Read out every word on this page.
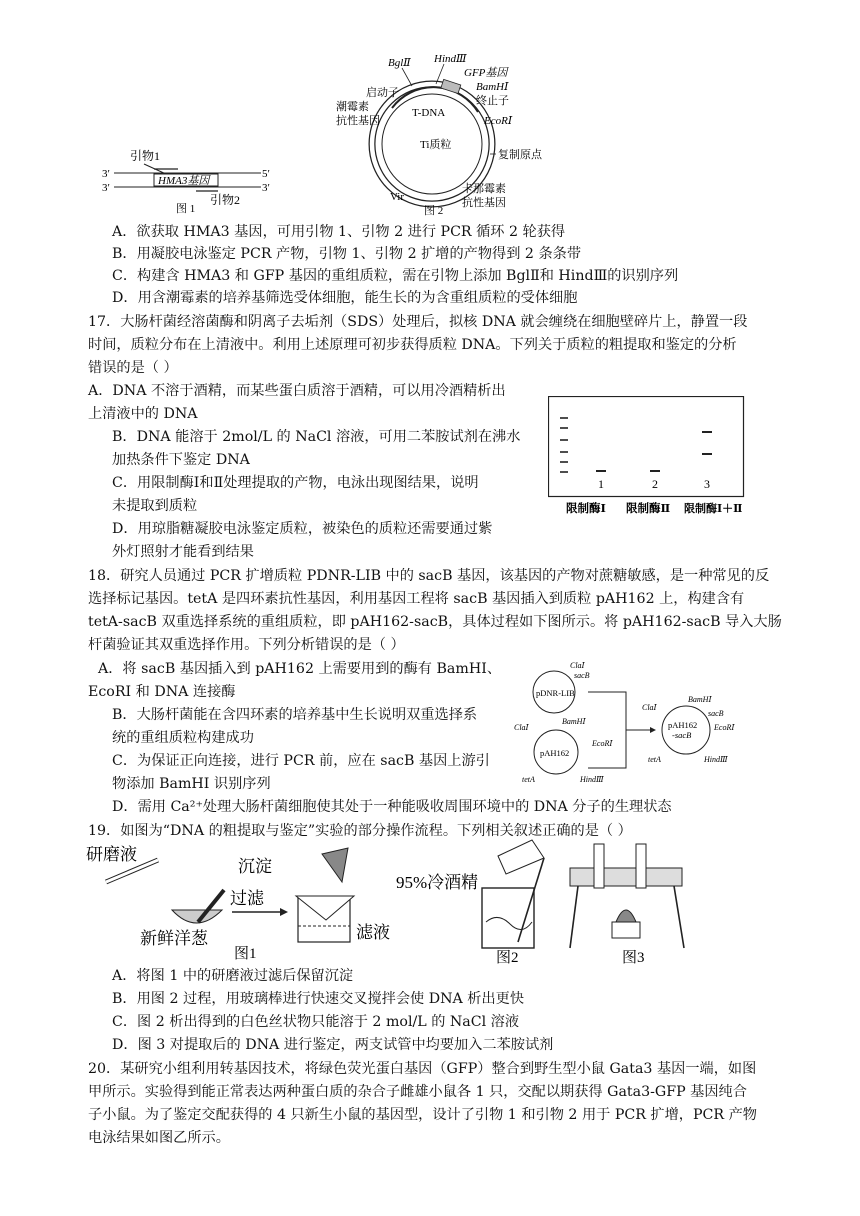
引物1
HMA3基因
3′	5′
3′	3′
引物2
图 1
BglⅡ HindⅢ
启动子
GFP基因
BamHⅠ
终止子
EcoRⅠ
潮霉素
抗性基因
T-DNA
Ti质粒
复制原点
Vir
卡那霉素
抗性基因
图 2
A．欲获取 HMA3 基因，可用引物 1、引物 2 进行 PCR 循环 2 轮获得
B．用凝胶电泳鉴定 PCR 产物，引物 1、引物 2 扩增的产物得到 2 条条带
C．构建含 HMA3 和 GFP 基因的重组质粒，需在引物上添加 BglⅡ和 HindⅢ的识别序列
D．用含潮霉素的培养基筛选受体细胞，能生长的为含重组质粒的受体细胞
17．大肠杆菌经溶菌酶和阴离子去垢剂（SDS）处理后，拟核 DNA 就会缠绕在细胞壁碎片上，静置一段
时间，质粒分布在上清液中。利用上述原理可初步获得质粒 DNA。下列关于质粒的粗提取和鉴定的分析
错误的是（ ）
A．DNA 不溶于酒精，而某些蛋白质溶于酒精，可以用冷酒精析出
上清液中的 DNA
B．DNA 能溶于 2mol/L 的 NaCl 溶液，可用二苯胺试剂在沸水
加热条件下鉴定 DNA
C．用限制酶Ⅰ和Ⅱ处理提取的产物，电泳出现图结果，说明
未提取到质粒
D．用琼脂糖凝胶电泳鉴定质粒，被染色的质粒还需要通过紫
外灯照射才能看到结果
1	2	3
限制酶Ⅰ 限制酶Ⅱ 限制酶Ⅰ＋Ⅱ
18．研究人员通过 PCR 扩增质粒 PDNR-LIB 中的 sacB 基因，该基因的产物对蔗糖敏感，是一种常见的反
选择标记基因。tetA 是四环素抗性基因，利用基因工程将 sacB 基因插入到质粒 pAH162 上，构建含有
tetA-sacB 双重选择系统的重组质粒，即 pAH162-sacB，具体过程如下图所示。将 pAH162-sacB 导入大肠
杆菌验证其双重选择作用。下列分析错误的是（ ）
A．将 sacB 基因插入到 pAH162 上需要用到的酶有 BamHI、
EcoRI 和 DNA 连接酶
B．大肠杆菌能在含四环素的培养基中生长说明双重选择系
统的重组质粒构建成功
C．为保证正向连接，进行 PCR 前，应在 sacB 基因上游引
物添加 BamHI 识别序列
D．需用 Ca²⁺处理大肠杆菌细胞使其处于一种能吸收周围环境中的 DNA 分子的生理状态
pDNR-LIB
ClaⅠ
sacB
pAH162
ClaⅠ
BamHⅠ
EcoRⅠ
tetA	HindⅢ
pAH162
-sacB
ClaⅠ
BamHⅠ
sacB
EcoRⅠ
tetA	HindⅢ
19．如图为“DNA 的粗提取与鉴定”实验的部分操作流程。下列相关叙述正确的是（ ）
研磨液
新鲜洋葱
过滤
沉淀
滤液
图1
95%冷酒精
图2	图3
A．将图 1 中的研磨液过滤后保留沉淀
B．用图 2 过程，用玻璃棒进行快速交叉搅拌会使 DNA 析出更快
C．图 2 析出得到的白色丝状物只能溶于 2 mol/L 的 NaCl 溶液
D．图 3 对提取后的 DNA 进行鉴定，两支试管中均要加入二苯胺试剂
20．某研究小组利用转基因技术，将绿色荧光蛋白基因（GFP）整合到野生型小鼠 Gata3 基因一端，如图
甲所示。实验得到能正常表达两种蛋白质的杂合子雌雄小鼠各 1 只，交配以期获得 Gata3-GFP 基因纯合
子小鼠。为了鉴定交配获得的 4 只新生小鼠的基因型，设计了引物 1 和引物 2 用于 PCR 扩增，PCR 产物
电泳结果如图乙所示。
